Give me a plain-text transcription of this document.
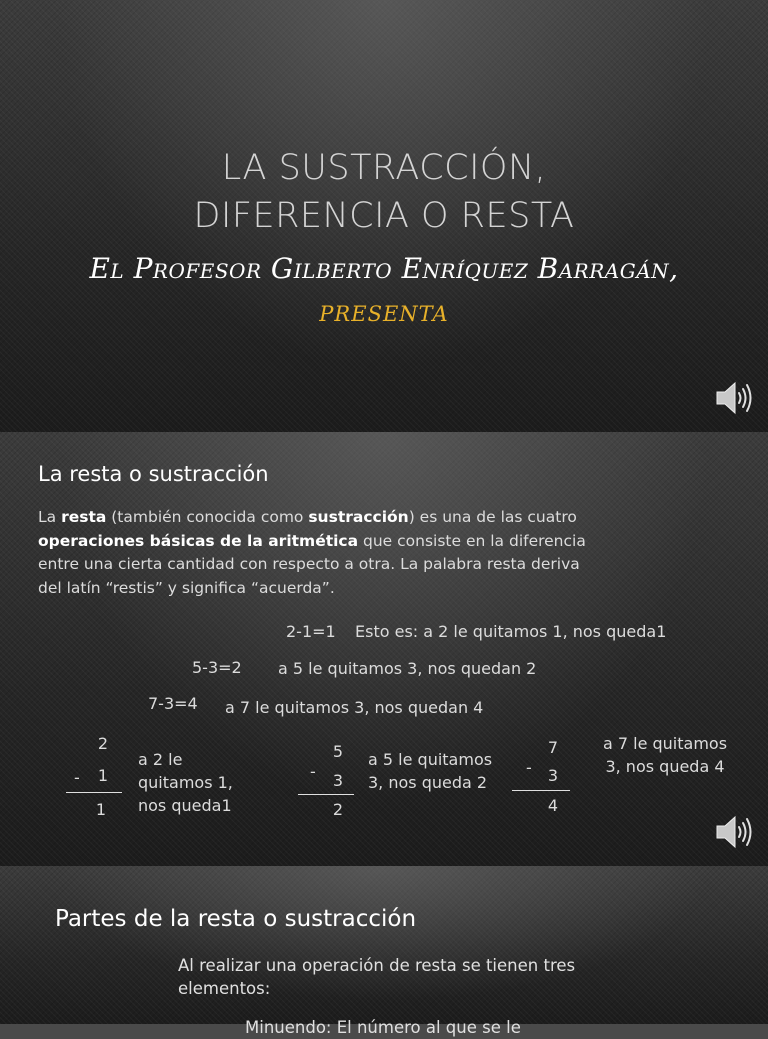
LA SUSTRACCIÓN,
DIFERENCIA O RESTA
El Profesor Gilberto Enríquez Barragán,
PRESENTA
La resta o sustracción
La resta (también conocida como sustracción) es una de las cuatro operaciones básicas de la aritmética que consiste en la diferencia entre una cierta cantidad con respecto a otra. La palabra resta deriva del latín “restis” y significa “acuerda”.
2-1=1 Esto es: a 2 le quitamos 1, nos queda1
5-3=2 a 5 le quitamos 3, nos quedan 2
7-3=4 a 7 le quitamos 3, nos quedan 4
2
-	1
1
a 2 le quitamos 1, nos queda1
5
-	3
2
a 5 le quitamos 3, nos queda 2
7
-	3
4
a 7 le quitamos 3, nos queda 4
Partes de la resta o sustracción
Al realizar una operación de resta se tienen tres elementos:
Minuendo: El número al que se le
